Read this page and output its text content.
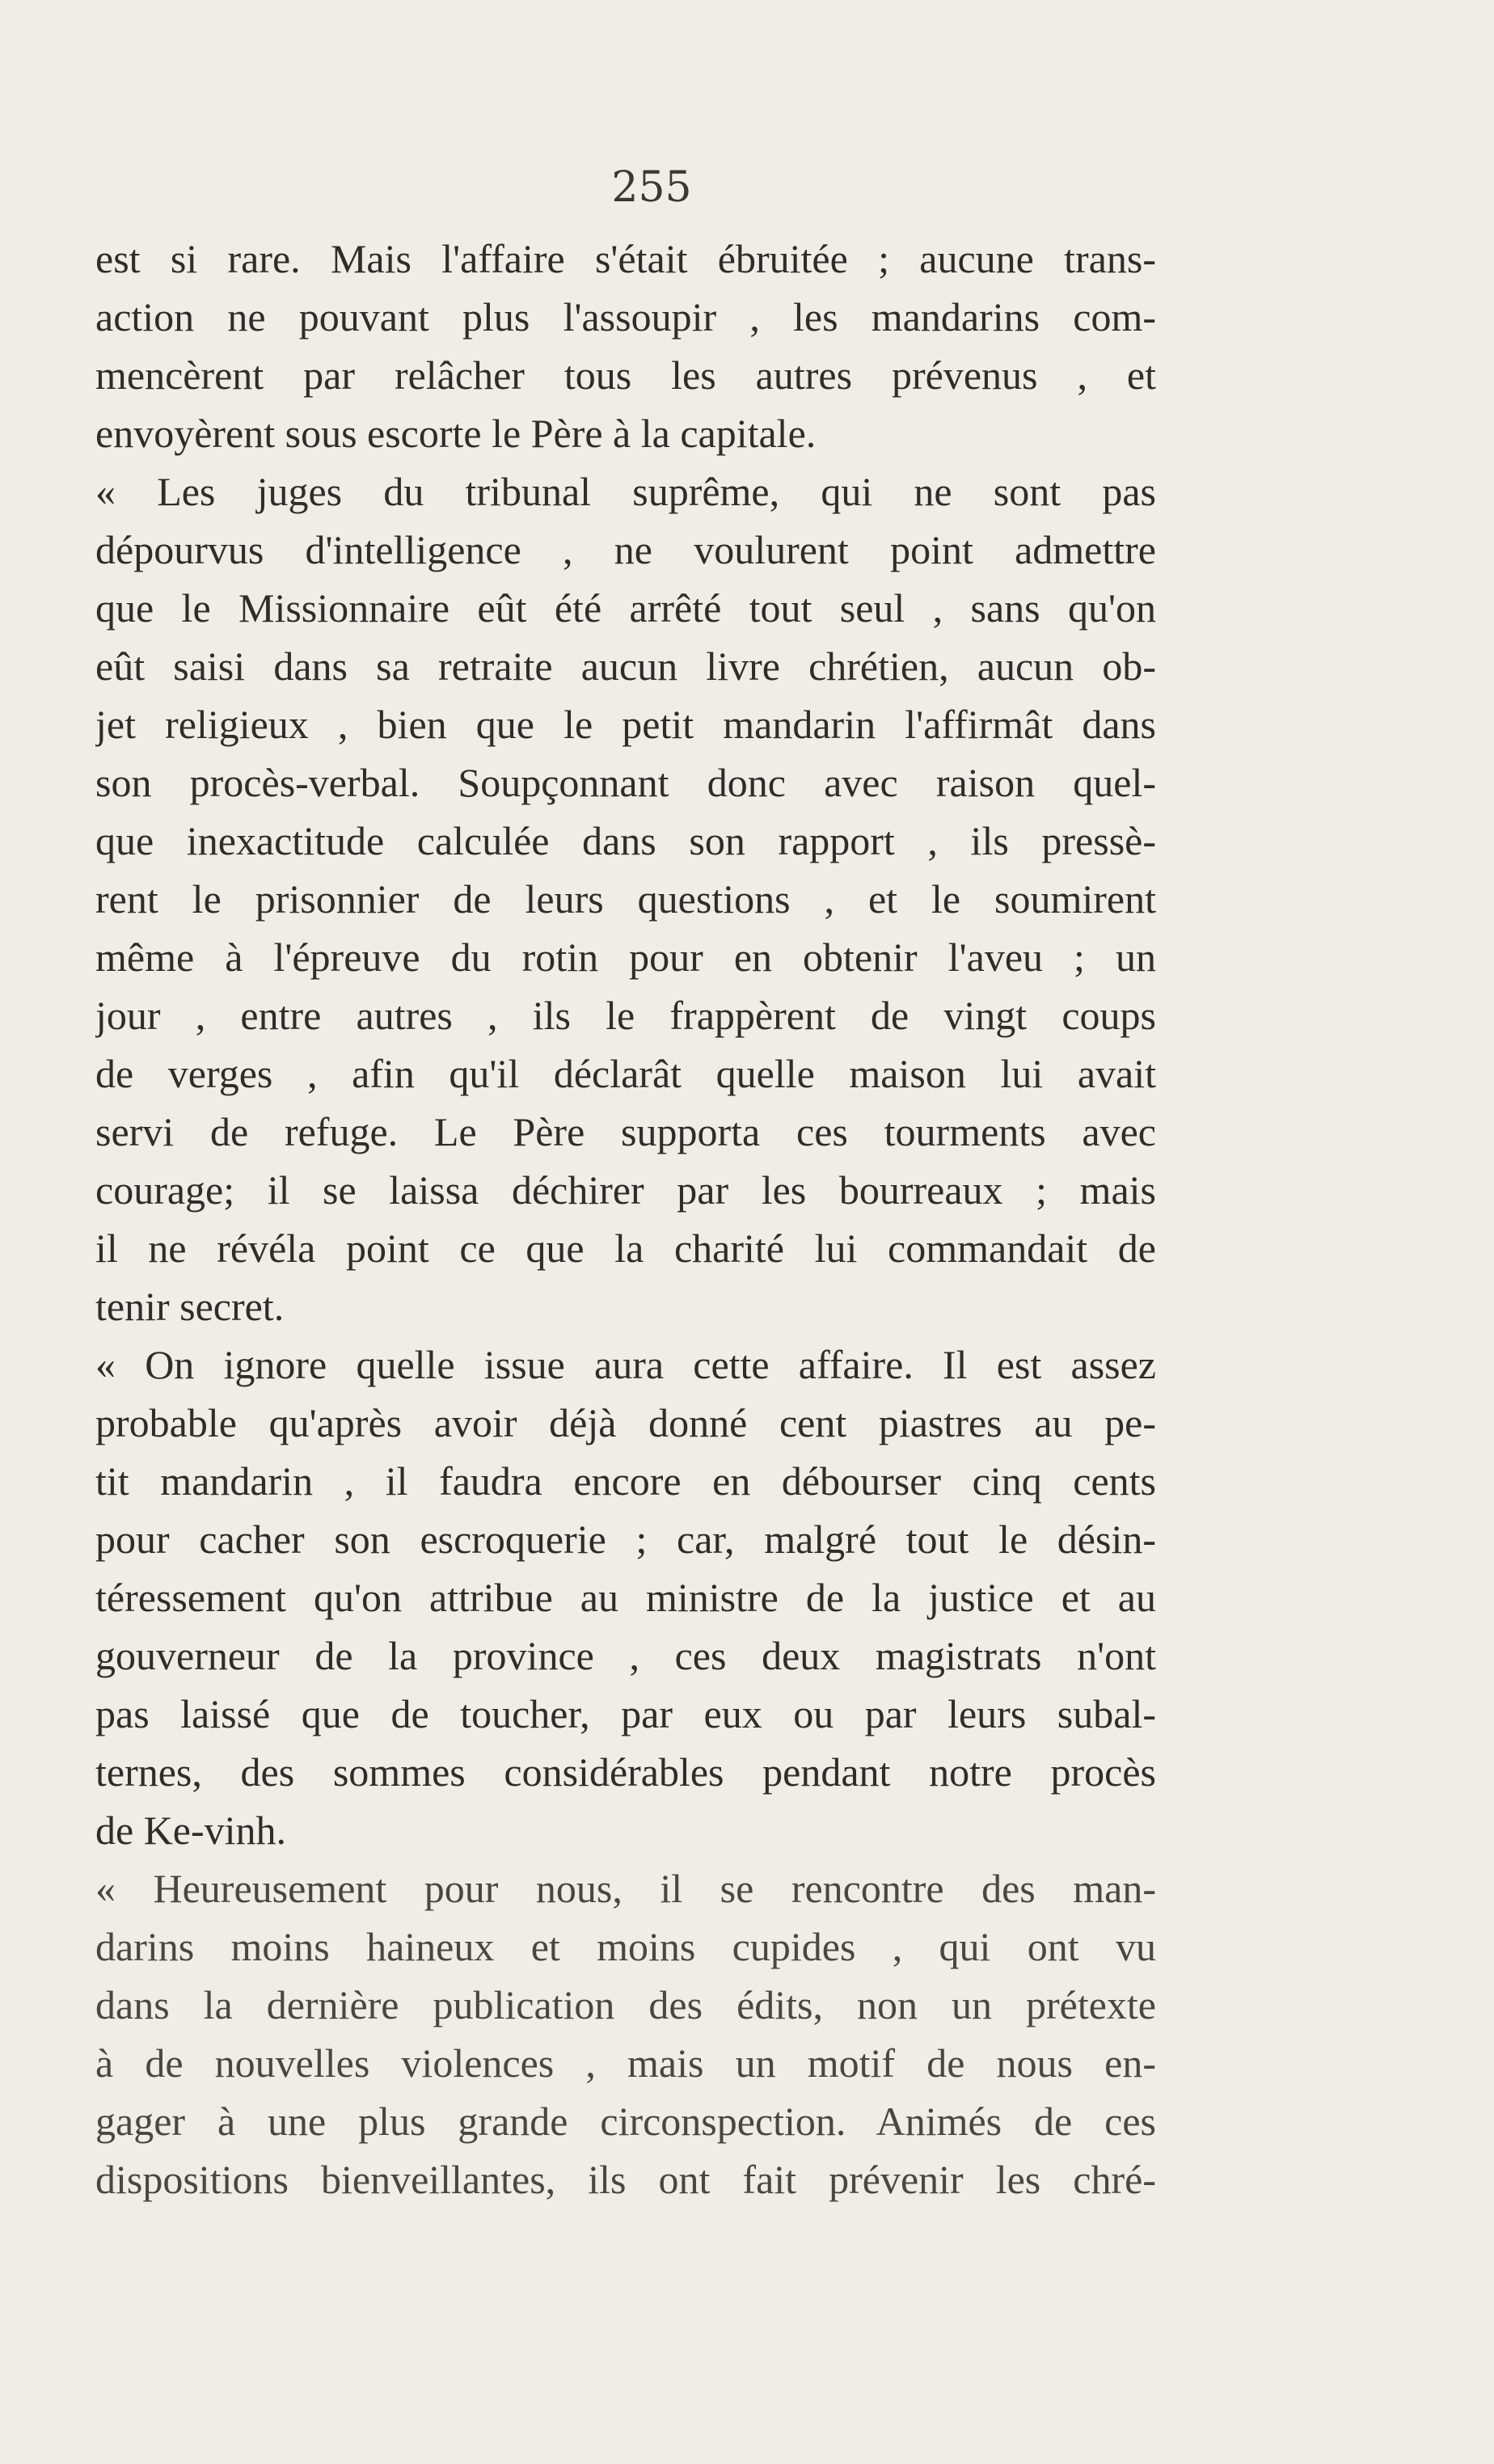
255
est si rare. Mais l'affaire s'était ébruitée ; aucune trans-
action ne pouvant plus l'assoupir , les mandarins com-
mencèrent par relâcher tous les autres prévenus , et
envoyèrent sous escorte le Père à la capitale.
« Les juges du tribunal suprême, qui ne sont pas
dépourvus d'intelligence , ne voulurent point admettre
que le Missionnaire eût été arrêté tout seul , sans qu'on
eût saisi dans sa retraite aucun livre chrétien, aucun ob-
jet religieux , bien que le petit mandarin l'affirmât dans
son procès-verbal. Soupçonnant donc avec raison quel-
que inexactitude calculée dans son rapport , ils pressè-
rent le prisonnier de leurs questions , et le soumirent
même à l'épreuve du rotin pour en obtenir l'aveu ; un
jour , entre autres , ils le frappèrent de vingt coups
de verges , afin qu'il déclarât quelle maison lui avait
servi de refuge. Le Père supporta ces tourments avec
courage; il se laissa déchirer par les bourreaux ; mais
il ne révéla point ce que la charité lui commandait de
tenir secret.
« On ignore quelle issue aura cette affaire. Il est assez
probable qu'après avoir déjà donné cent piastres au pe-
tit mandarin , il faudra encore en débourser cinq cents
pour cacher son escroquerie ; car, malgré tout le désin-
téressement qu'on attribue au ministre de la justice et au
gouverneur de la province , ces deux magistrats n'ont
pas laissé que de toucher, par eux ou par leurs subal-
ternes, des sommes considérables pendant notre procès
de Ke-vinh.
« Heureusement pour nous, il se rencontre des man-
darins moins haineux et moins cupides , qui ont vu
dans la dernière publication des édits, non un prétexte
à de nouvelles violences , mais un motif de nous en-
gager à une plus grande circonspection. Animés de ces
dispositions bienveillantes, ils ont fait prévenir les chré-
